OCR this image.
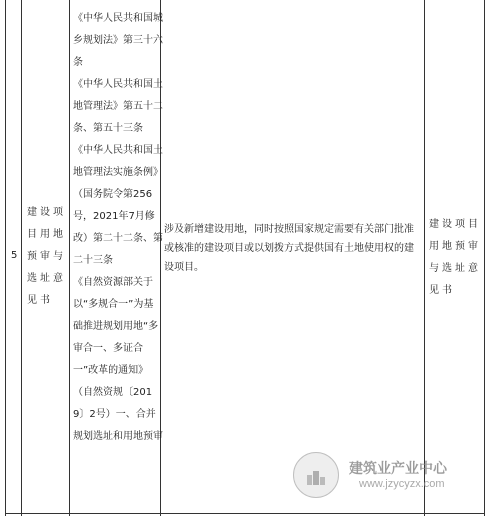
5
建设项目用地预审与选址意见书

《中华人民共和国城乡规划法》第三十六条

《中华人民共和国土地管理法》第五十二条、第五十三条

《中华人民共和国土地管理法实施条例》（国务院令第256号，2021年7月修改）第二十二条、第二十三条

《自然资源部关于以“多规合一”为基础推进规划用地“多审合一、多证合一”改革的通知》（自然资规〔2019〕2号）一、合并规划选址和用地预审

涉及新增建设用地，同时按照国家规定需要有关部门批准或核准的建设项目或以划拨方式提供国有土地使用权的建设项目。
建设项目用地预审与选址意见书
建筑业产业中心
www.jzycyzx.com
